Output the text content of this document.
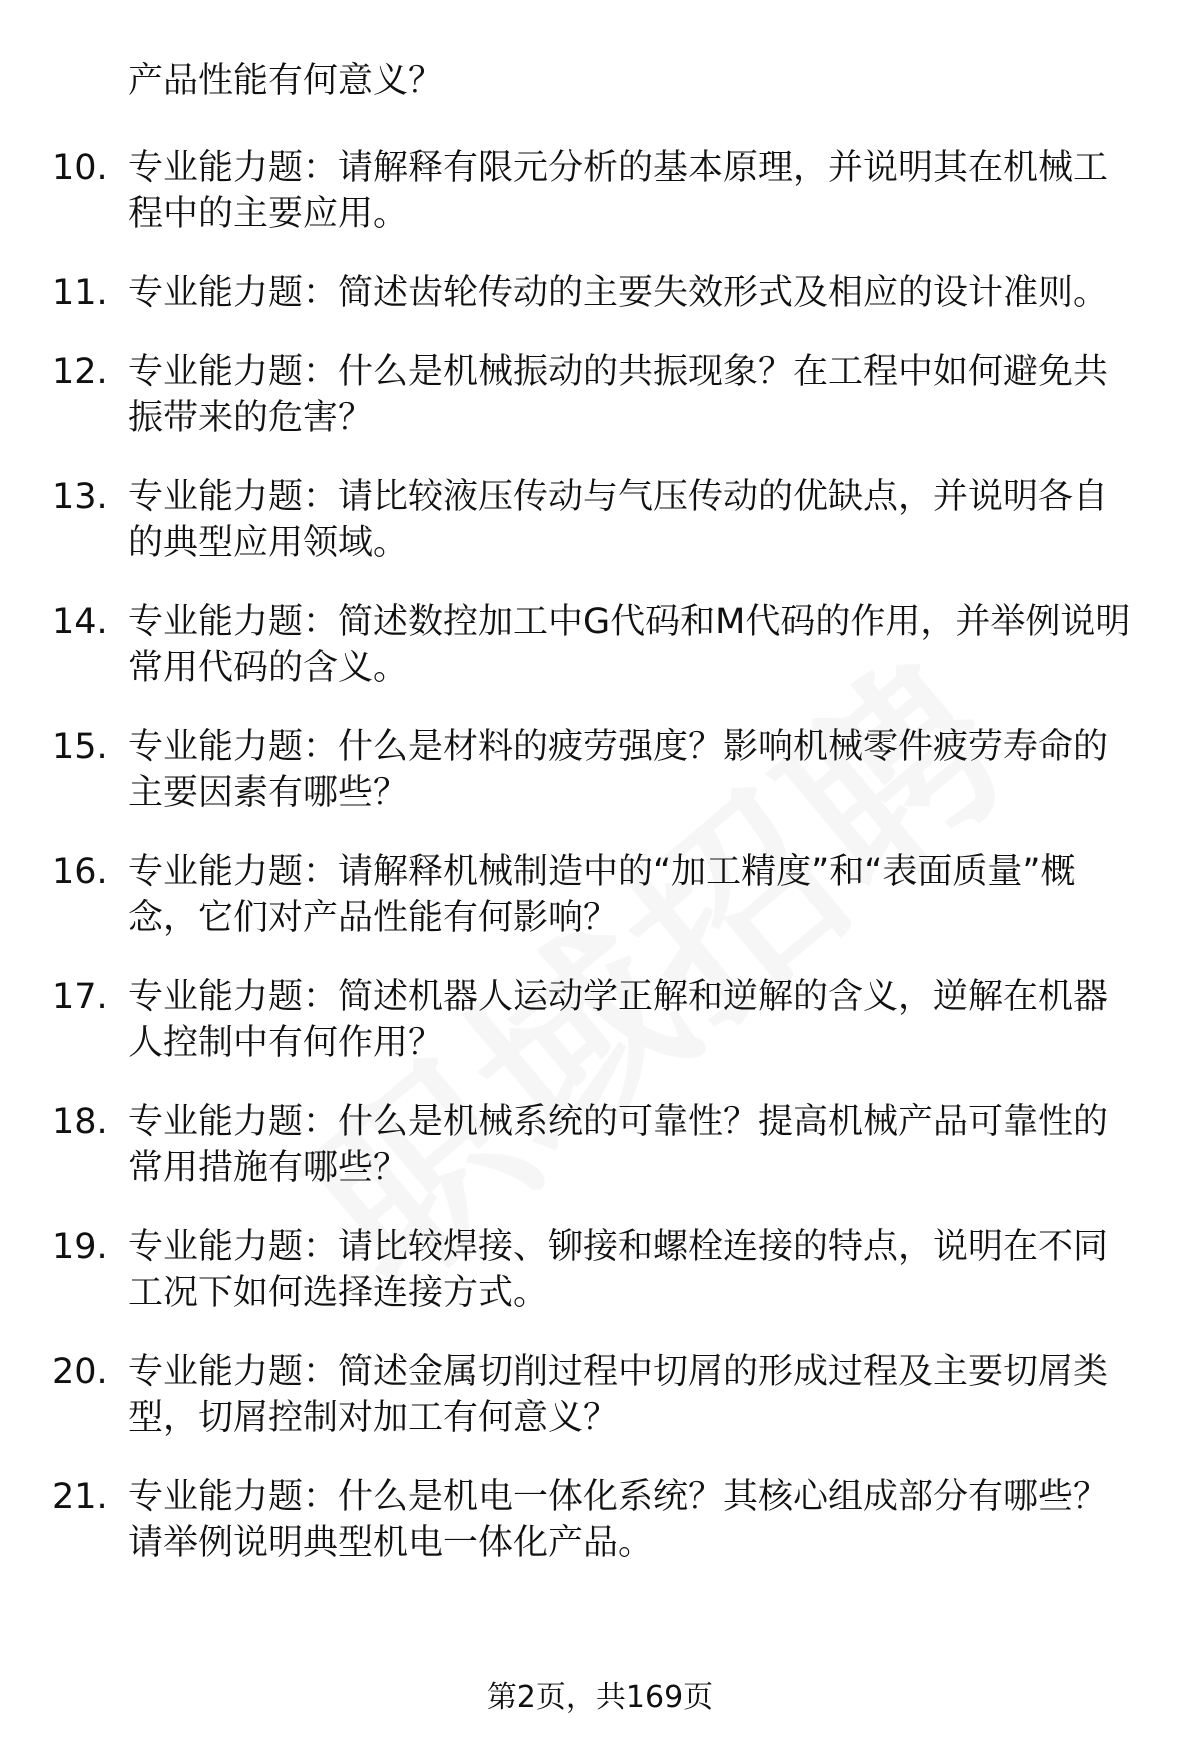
产品性能有何意义？
10. 专业能力题：请解释有限元分析的基本原理，并说明其在机械工程中的主要应用。
11. 专业能力题：简述齿轮传动的主要失效形式及相应的设计准则。
12. 专业能力题：什么是机械振动的共振现象？在工程中如何避免共振带来的危害？
13. 专业能力题：请比较液压传动与气压传动的优缺点，并说明各自的典型应用领域。
14. 专业能力题：简述数控加工中G代码和M代码的作用，并举例说明常用代码的含义。
15. 专业能力题：什么是材料的疲劳强度？影响机械零件疲劳寿命的主要因素有哪些？
16. 专业能力题：请解释机械制造中的“加工精度”和“表面质量”概念，它们对产品性能有何影响？
17. 专业能力题：简述机器人运动学正解和逆解的含义，逆解在机器人控制中有何作用？
18. 专业能力题：什么是机械系统的可靠性？提高机械产品可靠性的常用措施有哪些？
19. 专业能力题：请比较焊接、铆接和螺栓连接的特点，说明在不同工况下如何选择连接方式。
20. 专业能力题：简述金属切削过程中切屑的形成过程及主要切屑类型，切屑控制对加工有何意义？
21. 专业能力题：什么是机电一体化系统？其核心组成部分有哪些？请举例说明典型机电一体化产品。
第2页，共169页
